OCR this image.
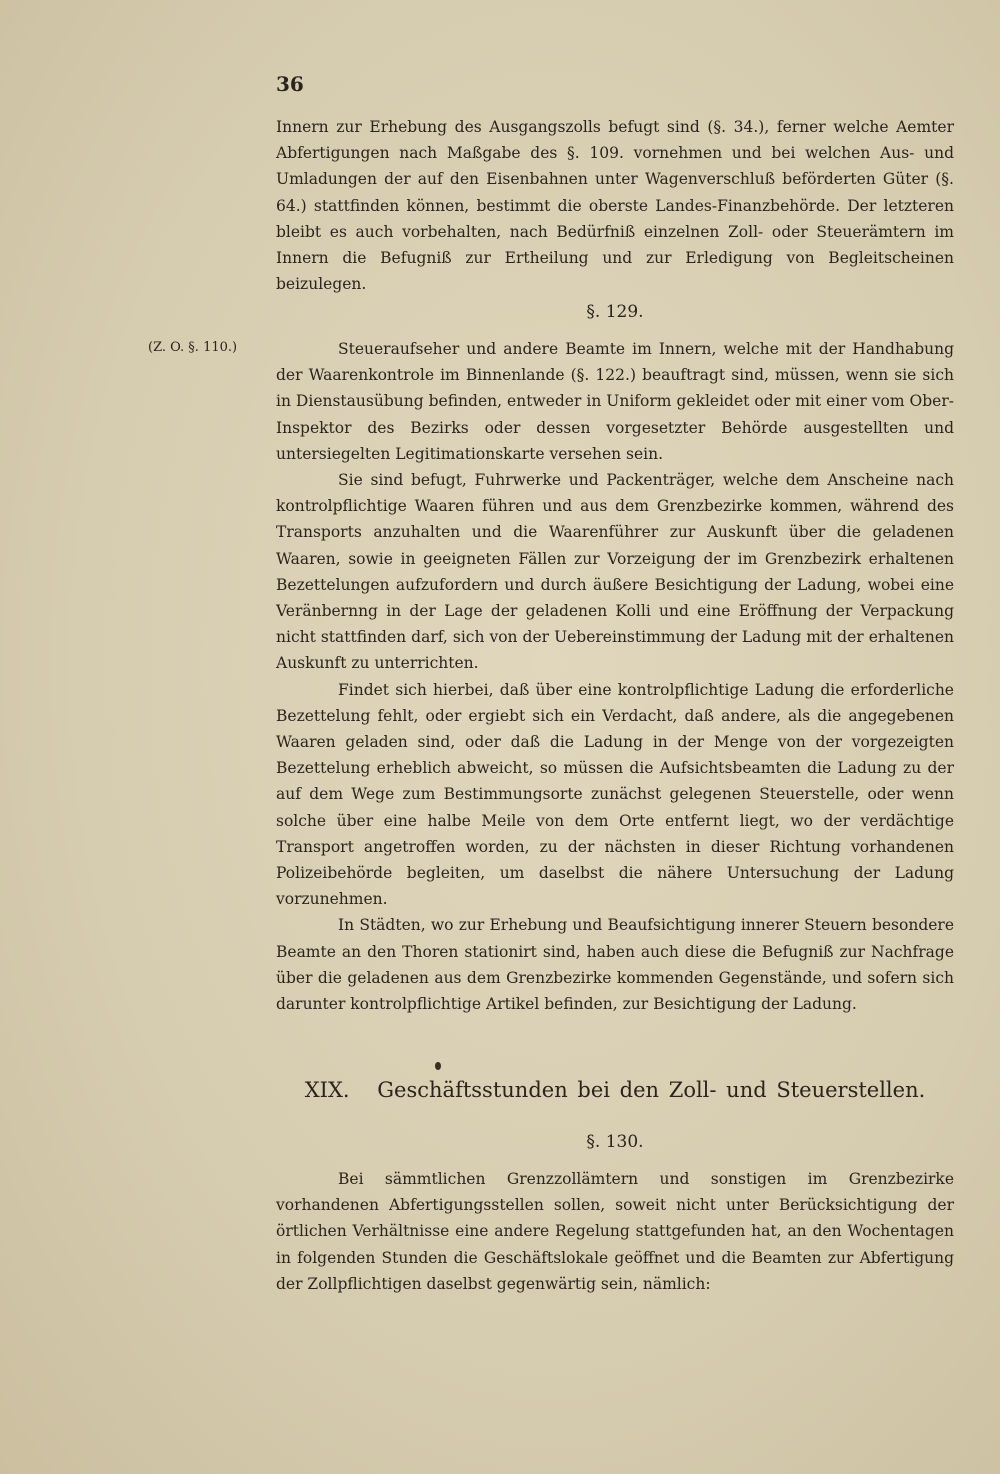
36

Innern zur Erhebung des Ausgangszolls befugt sind (§. 34.), ferner welche Aemter Abfertigungen nach Maßgabe des §. 109. vornehmen und bei welchen Aus- und Umladungen der auf den Eisenbahnen unter Wagenverschluß beförderten Güter (§. 64.) stattfinden können, bestimmt die oberste Landes-Finanzbehörde. Der letzteren bleibt es auch vorbehalten, nach Bedürfniß einzelnen Zoll- oder Steuerämtern im Innern die Befugniß zur Ertheilung und zur Erledigung von Begleitscheinen beizulegen.

§. 129.
(Z. O. §. 110.)	Steueraufseher und andere Beamte im Innern, welche mit der Handhabung der Waarenkontrole im Binnenlande (§. 122.) beauftragt sind, müssen, wenn sie sich in Dienstausübung befinden, entweder in Uniform gekleidet oder mit einer vom Ober-Inspektor des Bezirks oder dessen vorgesetzter Behörde ausgestellten und untersiegelten Legitimationskarte versehen sein.

Sie sind befugt, Fuhrwerke und Packenträger, welche dem Anscheine nach kontrolpflichtige Waaren führen und aus dem Grenzbezirke kommen, während des Transports anzuhalten und die Waarenführer zur Auskunft über die geladenen Waaren, sowie in geeigneten Fällen zur Vorzeigung der im Grenzbezirk erhaltenen Bezettelungen aufzufordern und durch äußere Besichtigung der Ladung, wobei eine Veränbernng in der Lage der geladenen Kolli und eine Eröffnung der Verpackung nicht stattfinden darf, sich von der Uebereinstimmung der Ladung mit der erhaltenen Auskunft zu unterrichten.

Findet sich hierbei, daß über eine kontrolpflichtige Ladung die erforderliche Bezettelung fehlt, oder ergiebt sich ein Verdacht, daß andere, als die angegebenen Waaren geladen sind, oder daß die Ladung in der Menge von der vorgezeigten Bezettelung erheblich abweicht, so müssen die Aufsichtsbeamten die Ladung zu der auf dem Wege zum Bestimmungsorte zunächst gelegenen Steuerstelle, oder wenn solche über eine halbe Meile von dem Orte entfernt liegt, wo der verdächtige Transport angetroffen worden, zu der nächsten in dieser Richtung vorhandenen Polizeibehörde begleiten, um daselbst die nähere Untersuchung der Ladung vorzunehmen.

In Städten, wo zur Erhebung und Beaufsichtigung innerer Steuern besondere Beamte an den Thoren stationirt sind, haben auch diese die Befugniß zur Nachfrage über die geladenen aus dem Grenzbezirke kommenden Gegenstände, und sofern sich darunter kontrolpflichtige Artikel befinden, zur Besichtigung der Ladung.

XIX. Geschäftsstunden bei den Zoll- und Steuerstellen.
§. 130.

Bei sämmtlichen Grenzzollämtern und sonstigen im Grenzbezirke vorhandenen Abfertigungsstellen sollen, soweit nicht unter Berücksichtigung der örtlichen Verhältnisse eine andere Regelung stattgefunden hat, an den Wochentagen in folgenden Stunden die Geschäftslokale geöffnet und die Beamten zur Abfertigung der Zollpflichtigen daselbst gegenwärtig sein, nämlich:
